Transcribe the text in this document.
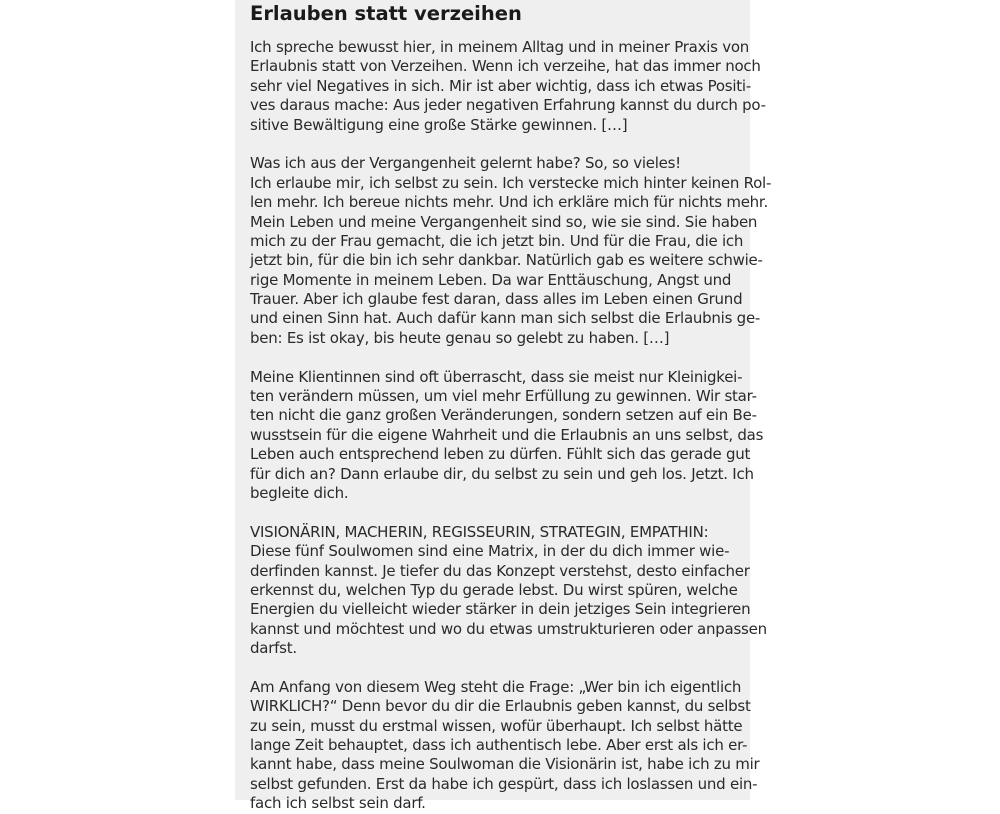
Erlauben statt verzeihen

Ich spreche bewusst hier, in meinem Alltag und in meiner Praxis von
Erlaubnis statt von Verzeihen. Wenn ich verzeihe, hat das immer noch
sehr viel Negatives in sich. Mir ist aber wichtig, dass ich etwas Positi-
ves daraus mache: Aus jeder negativen Erfahrung kannst du durch po-
sitive Bewältigung eine große Stärke gewinnen. […]

Was ich aus der Vergangenheit gelernt habe? So, so vieles!
Ich erlaube mir, ich selbst zu sein. Ich verstecke mich hinter keinen Rol-
len mehr. Ich bereue nichts mehr. Und ich erkläre mich für nichts mehr.
Mein Leben und meine Vergangenheit sind so, wie sie sind. Sie haben
mich zu der Frau gemacht, die ich jetzt bin. Und für die Frau, die ich
jetzt bin, für die bin ich sehr dankbar. Natürlich gab es weitere schwie-
rige Momente in meinem Leben. Da war Enttäuschung, Angst und
Trauer. Aber ich glaube fest daran, dass alles im Leben einen Grund
und einen Sinn hat. Auch dafür kann man sich selbst die Erlaubnis ge-
ben: Es ist okay, bis heute genau so gelebt zu haben. […]

Meine Klientinnen sind oft überrascht, dass sie meist nur Kleinigkei-
ten verändern müssen, um viel mehr Erfüllung zu gewinnen. Wir star-
ten nicht die ganz großen Veränderungen, sondern setzen auf ein Be-
wusstsein für die eigene Wahrheit und die Erlaubnis an uns selbst, das
Leben auch entsprechend leben zu dürfen. Fühlt sich das gerade gut
für dich an? Dann erlaube dir, du selbst zu sein und geh los. Jetzt. Ich
begleite dich.

VISIONÄRIN, MACHERIN, REGISSEURIN, STRATEGIN, EMPATHIN:
Diese fünf Soulwomen sind eine Matrix, in der du dich immer wie-
derfinden kannst. Je tiefer du das Konzept verstehst, desto einfacher
erkennst du, welchen Typ du gerade lebst. Du wirst spüren, welche
Energien du vielleicht wieder stärker in dein jetziges Sein integrieren
kannst und möchtest und wo du etwas umstrukturieren oder anpassen
darfst.

Am Anfang von diesem Weg steht die Frage: „Wer bin ich eigentlich
WIRKLICH?“ Denn bevor du dir die Erlaubnis geben kannst, du selbst
zu sein, musst du erstmal wissen, wofür überhaupt. Ich selbst hätte
lange Zeit behauptet, dass ich authentisch lebe. Aber erst als ich er-
kannt habe, dass meine Soulwoman die Visionärin ist, habe ich zu mir
selbst gefunden. Erst da habe ich gespürt, dass ich loslassen und ein-
fach ich selbst sein darf.
